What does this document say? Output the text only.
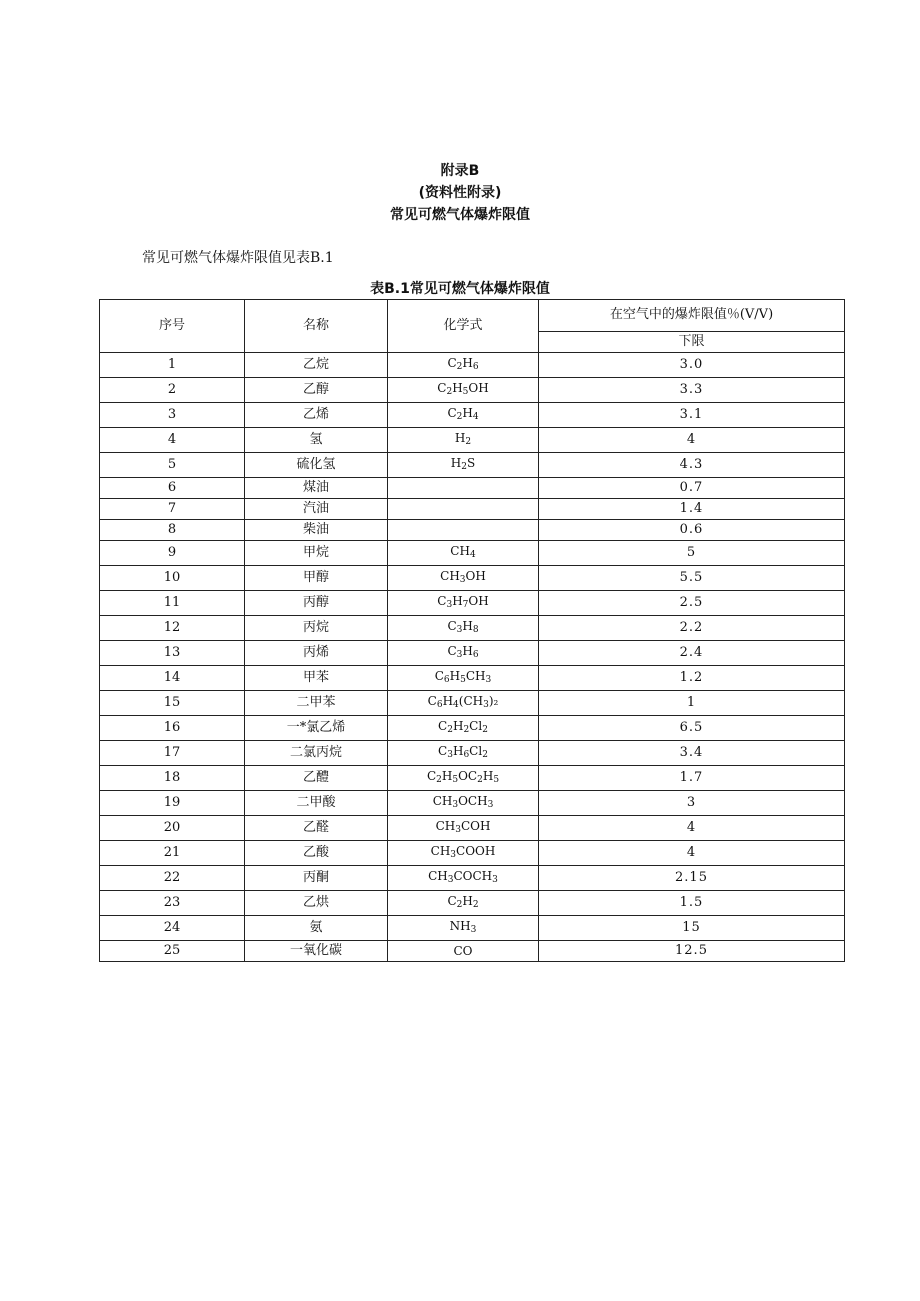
附录B
(资料性附录)
常见可燃气体爆炸限值
常见可燃气体爆炸限值见表B.1
表B.1常见可燃气体爆炸限值
序号	名称	化学式	在空气中的爆炸限值％(V/V)
			下限
1	乙烷	$C_2H_6$	3.0
2	乙醇	$C_2H_5OH$	3.3
3	乙烯	$C_2H_4$	3.1
4	氢	$H_2$	4
5	硫化氢	$H_2S$	4.3
6	煤油		0.7
7	汽油		1.4
8	柴油		0.6
9	甲烷	$CH_4$	5
10	甲醇	$CH_3OH$	5.5
11	丙醇	$C_3H_7OH$	2.5
12	丙烷	$C_3H_8$	2.2
13	丙烯	$C_3H_6$	2.4
14	甲苯	$C_6H_5CH_3$	1.2
15	二甲苯	$C_6H_4(CH_3)_2$	1
16	一*氯乙烯	$C_2H_2Cl_2$	6.5
17	二氯丙烷	$C_3H_6Cl_2$	3.4
18	乙醴	$C_2H_5OC_2H_5$	1.7
19	二甲酸	$CH_3OCH_3$	3
20	乙醛	$CH_3COH$	4
21	乙酸	$CH_3COOH$	4
22	丙酮	$CH_3COCH_3$	2.15
23	乙烘	$C_2H_2$	1.5
24	氨	$NH_3$	15
25	一氧化碳	CO	12.5
